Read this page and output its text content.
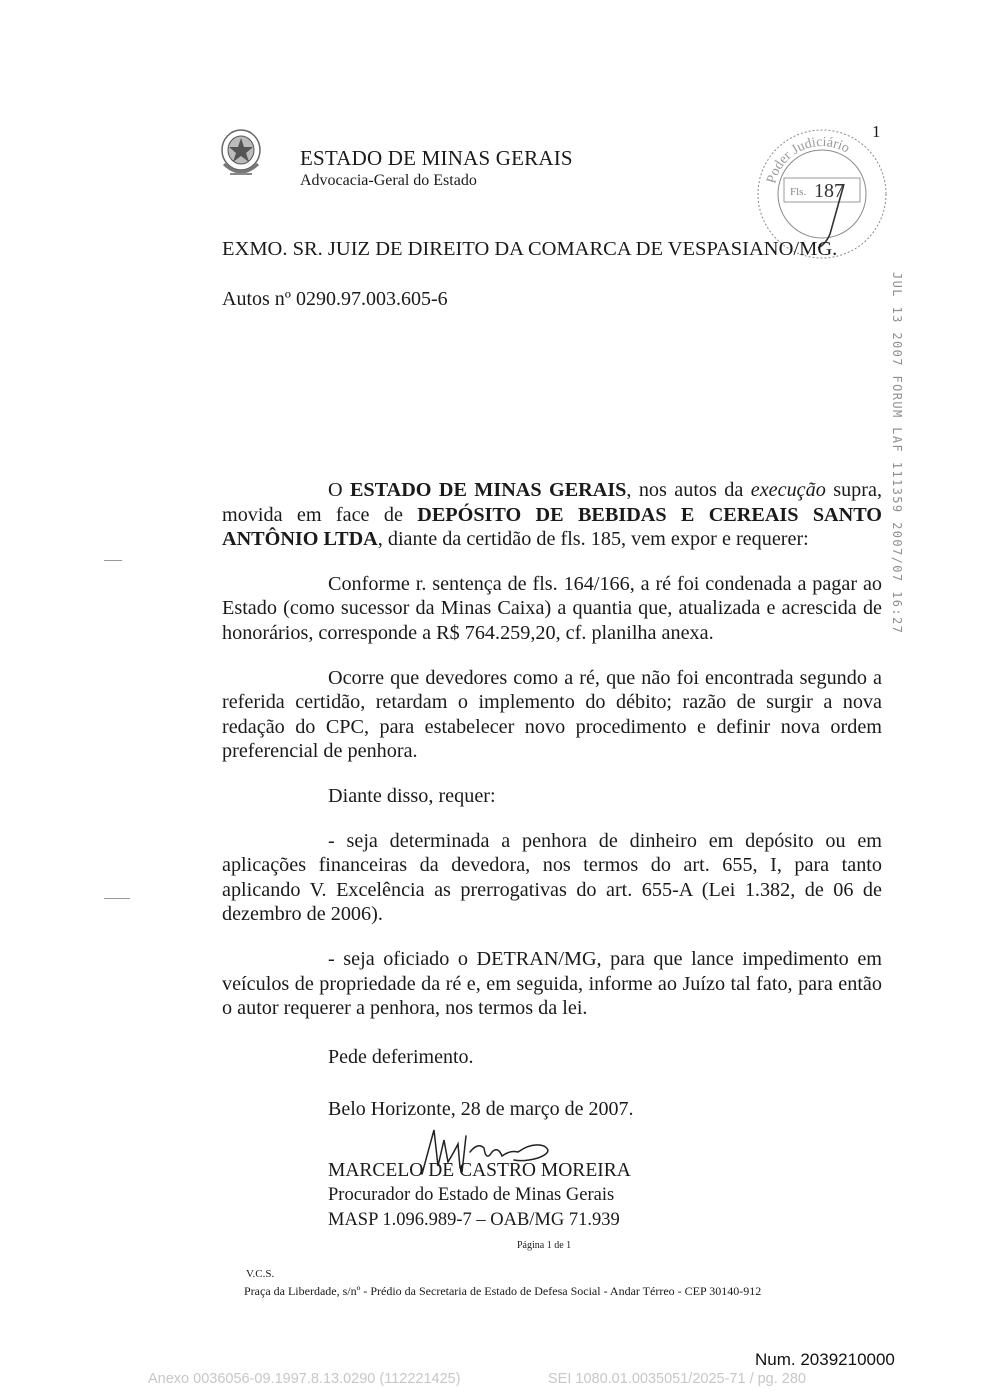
1
ESTADO DE MINAS GERAIS
Advocacia-Geral do Estado	Poder Judiciário
Fls. 187
EXMO. SR. JUIZ DE DIREITO DA COMARCA DE VESPASIANO/MG.
Autos nº 0290.97.003.605-6	JUL 13 2007 FORUM LAF 111359 2007/07 16:27

O ESTADO DE MINAS GERAIS, nos autos da execução supra, movida em face de DEPÓSITO DE BEBIDAS E CEREAIS SANTO ANTÔNIO LTDA, diante da certidão de fls. 185, vem expor e requerer:

Conforme r. sentença de fls. 164/166, a ré foi condenada a pagar ao Estado (como sucessor da Minas Caixa) a quantia que, atualizada e acrescida de honorários, corresponde a R$ 764.259,20, cf. planilha anexa.

Ocorre que devedores como a ré, que não foi encontrada segundo a referida certidão, retardam o implemento do débito; razão de surgir a nova redação do CPC, para estabelecer novo procedimento e definir nova ordem preferencial de penhora.

Diante disso, requer:

- seja determinada a penhora de dinheiro em depósito ou em aplicações financeiras da devedora, nos termos do art. 655, I, para tanto aplicando V. Excelência as prerrogativas do art. 655-A (Lei 1.382, de 06 de dezembro de 2006).

- seja oficiado o DETRAN/MG, para que lance impedimento em veículos de propriedade da ré e, em seguida, informe ao Juízo tal fato, para então o autor requerer a penhora, nos termos da lei.

Pede deferimento.
Belo Horizonte, 28 de março de 2007.
MARCELO DE CASTRO MOREIRA
Procurador do Estado de Minas Gerais
MASP 1.096.989-7 – OAB/MG 71.939
Página 1 de 1
V.C.S.
Praça da Liberdade, s/nº - Prédio da Secretaria de Estado de Defesa Social - Andar Térreo - CEP 30140-912
Num. 2039210000
Anexo 0036056-09.1997.8.13.0290 (112221425)	SEI 1080.01.0035051/2025-71 / pg. 280
